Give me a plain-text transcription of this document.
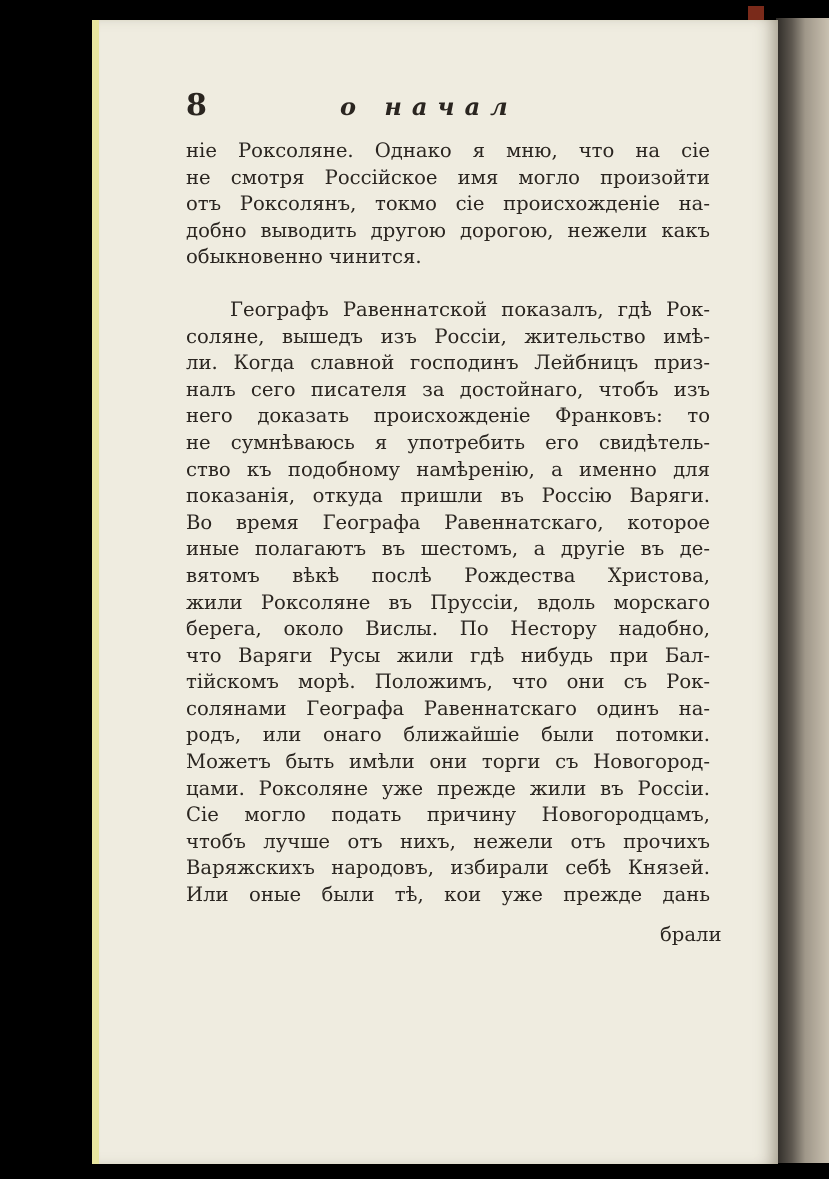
8	о начал
ніе Роксоляне. Однако я мню, что на сіе
не смотря Россійское имя могло произойти
отъ Роксолянъ, токмо сіе происхожденіе на-
добно выводить другою дорогою, нежели какъ
обыкновенно чинится.
Географъ Равеннатской показалъ, гдѣ Рок-
соляне, вышедъ изъ Россіи, жительство имѣ-
ли. Когда славной господинъ Лейбницъ приз-
налъ сего писателя за достойнаго, чтобъ изъ
него доказать происхожденіе Франковъ: то
не сумнѣваюсь я употребить его свидѣтель-
ство къ подобному намѣренію, а именно для
показанія, откуда пришли въ Россію Варяги.
Во время Географа Равеннатскаго, которое
иные полагаютъ въ шестомъ, а другіе въ де-
вятомъ вѣкѣ послѣ Рождества Христова,
жили Роксоляне въ Пруссіи, вдоль морскаго
берега, около Вислы. По Нестору надобно,
что Варяги Русы жили гдѣ нибудь при Бал-
тійскомъ морѣ. Положимъ, что они съ Рок-
солянами Географа Равеннатскаго одинъ на-
родъ, или онаго ближайшіе были потомки.
Можетъ быть имѣли они торги съ Новогород-
цами. Роксоляне уже прежде жили въ Россіи.
Сіе могло подать причину Новогородцамъ,
чтобъ лучше отъ нихъ, нежели отъ прочихъ
Варяжскихъ народовъ, избирали себѣ Князей.
Или оные были тѣ, кои уже прежде дань
брали
